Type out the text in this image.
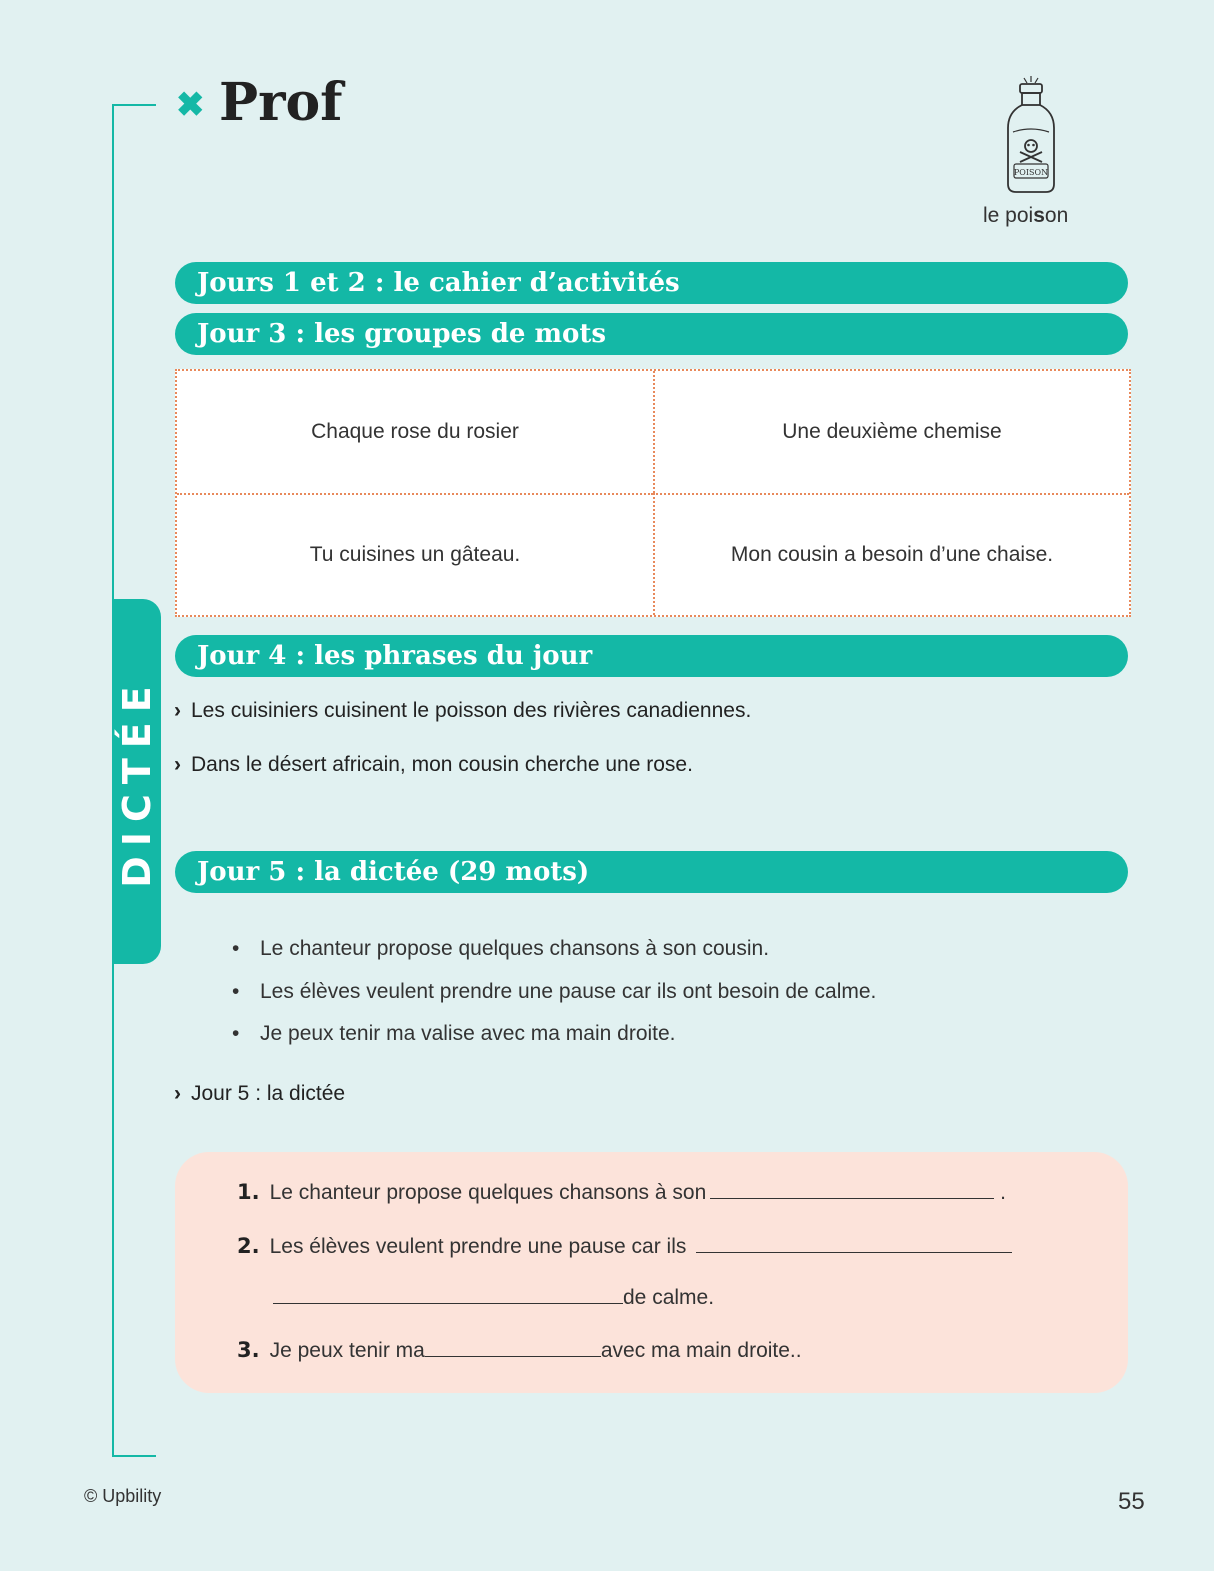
DICTÉE
✖ Prof
POISON
le poison
Jours 1 et 2 : le cahier d’activités
Jour 3 : les groupes de mots
Chaque rose du rosier	Une deuxième chemise
Tu cuisines un gâteau.	Mon cousin a besoin d’une chaise.
Jour 4 : les phrases du jour
› Les cuisiniers cuisinent le poisson des rivières canadiennes.
› Dans le désert africain, mon cousin cherche une rose.
Jour 5 : la dictée (29 mots)
• Le chanteur propose quelques chansons à son cousin.
• Les élèves veulent prendre une pause car ils ont besoin de calme.
• Je peux tenir ma valise avec ma main droite.
› Jour 5 : la dictée
1. Le chanteur propose quelques chansons à son	.
2. Les élèves veulent prendre une pause car ils
de calme.
3. Je peux tenir ma	avec ma main droite..
© Upbility	55
